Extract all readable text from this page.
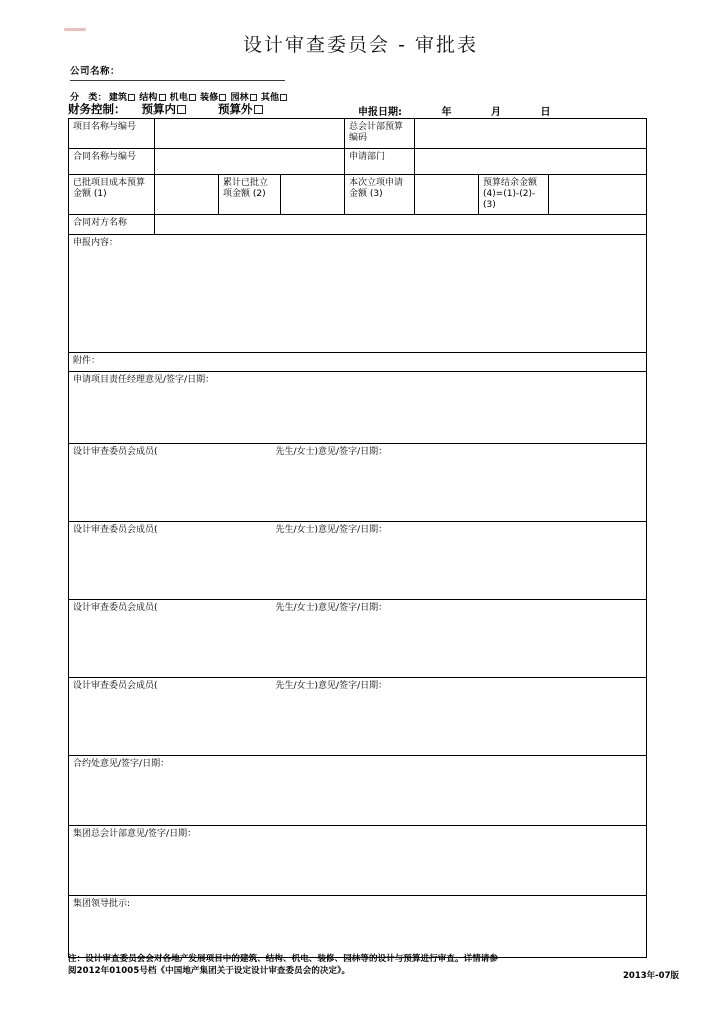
设计审查委员会 - 审批表
公司名称：
分　类： 建筑 结构 机电 装修 园林 其他
财务控制： 预算内	预算外	申报日期:	年	月	日
项目名称与编号				总会计部预算编码			
合同名称与编号				申请部门			
已批项目成本预算金额 (1)		累计已批立项金额 (2)		本次立项申请金额 (3)		预算结余金额 (4)=(1)-(2)-(3)	
合同对方名称							
申报内容：							
附件：							
申请项目责任经理意见/签字/日期：							
设计审查委员会成员( 先生/女士)意见/签字/日期：							
设计审查委员会成员( 先生/女士)意见/签字/日期：							
设计审查委员会成员( 先生/女士)意见/签字/日期：							
设计审查委员会成员( 先生/女士)意见/签字/日期：							
合约处意见/签字/日期：							
集团总会计部意见/签字/日期：							
集团领导批示:							
注：设计审查委员会会对各地产发展项目中的建筑、结构、机电、装修、园林等的设计与预算进行审查。详情请参
阅2012年01005号档《中国地产集团关于设定设计审查委员会的决定》。	2013年-07版
